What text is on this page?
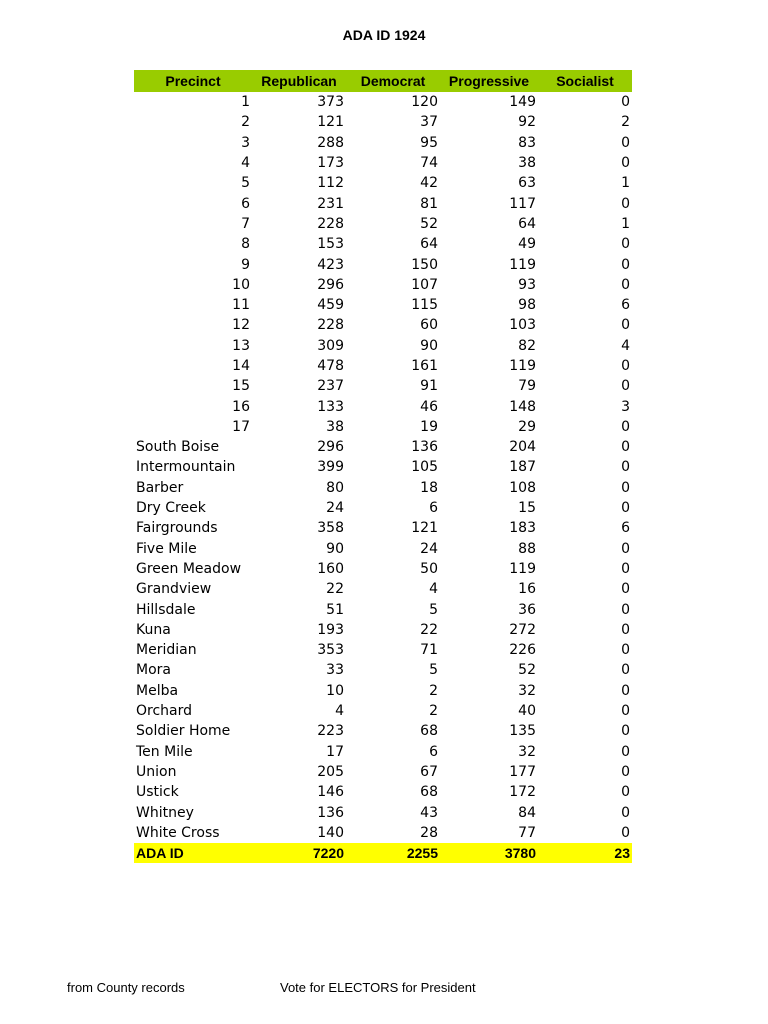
ADA ID 1924
Precinct	Republican	Democrat	Progressive	Socialist
1	373	120	149	0
2	121	37	92	2
3	288	95	83	0
4	173	74	38	0
5	112	42	63	1
6	231	81	117	0
7	228	52	64	1
8	153	64	49	0
9	423	150	119	0
10	296	107	93	0
11	459	115	98	6
12	228	60	103	0
13	309	90	82	4
14	478	161	119	0
15	237	91	79	0
16	133	46	148	3
17	38	19	29	0
South Boise	296	136	204	0
Intermountain	399	105	187	0
Barber	80	18	108	0
Dry Creek	24	6	15	0
Fairgrounds	358	121	183	6
Five Mile	90	24	88	0
Green Meadow	160	50	119	0
Grandview	22	4	16	0
Hillsdale	51	5	36	0
Kuna	193	22	272	0
Meridian	353	71	226	0
Mora	33	5	52	0
Melba	10	2	32	0
Orchard	4	2	40	0
Soldier Home	223	68	135	0
Ten Mile	17	6	32	0
Union	205	67	177	0
Ustick	146	68	172	0
Whitney	136	43	84	0
White Cross	140	28	77	0
ADA ID	7220	2255	3780	23
from County records	Vote for ELECTORS for President
